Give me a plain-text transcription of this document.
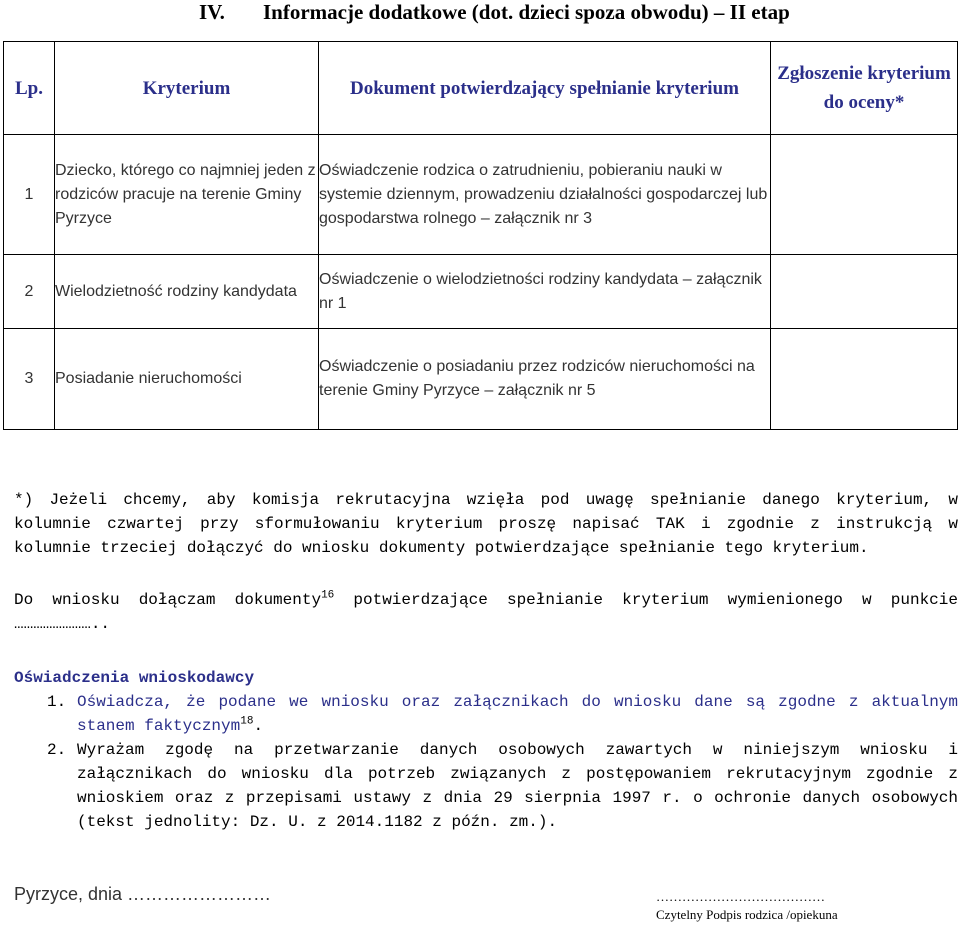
IV. Informacje dodatkowe (dot. dzieci spoza obwodu) – II etap
Lp.	Kryterium	Dokument potwierdzający spełnianie kryterium	Zgłoszenie kryterium do oceny*
1	Dziecko, którego co najmniej jeden z rodziców pracuje na terenie Gminy Pyrzyce	Oświadczenie rodzica o zatrudnieniu, pobieraniu nauki w systemie dziennym, prowadzeniu działalności gospodarczej lub gospodarstwa rolnego – załącznik nr 3	
2	Wielodzietność rodziny kandydata	Oświadczenie o wielodzietności rodziny kandydata – załącznik nr 1	
3	Posiadanie nieruchomości	Oświadczenie o posiadaniu przez rodziców nieruchomości na terenie Gminy Pyrzyce – załącznik nr 5	
*) Jeżeli chcemy, aby komisja rekrutacyjna wzięła pod uwagę spełnianie danego kryterium, w kolumnie czwartej przy sformułowaniu kryterium proszę napisać TAK i zgodnie z instrukcją w kolumnie trzeciej dołączyć do wniosku dokumenty potwierdzające spełnianie tego kryterium.
Do wniosku dołączam dokumenty$^{16}$ potwierdzające spełnianie kryterium wymienionego w punkcie
……………………..
Oświadczenia wnioskodawcy
1. Oświadcza, że podane we wniosku oraz załącznikach do wniosku dane są zgodne z aktualnym stanem faktycznym$^{18}$.
2. Wyrażam zgodę na przetwarzanie danych osobowych zawartych w niniejszym wniosku i załącznikach do wniosku dla potrzeb związanych z postępowaniem rekrutacyjnym zgodnie z wnioskiem oraz z przepisami ustawy z dnia 29 sierpnia 1997 r. o ochronie danych osobowych (tekst jednolity: Dz. U. z 2014.1182 z późn. zm.).
Pyrzyce, dnia ……………………	…………………………………
Czytelny Podpis rodzica /opiekuna
